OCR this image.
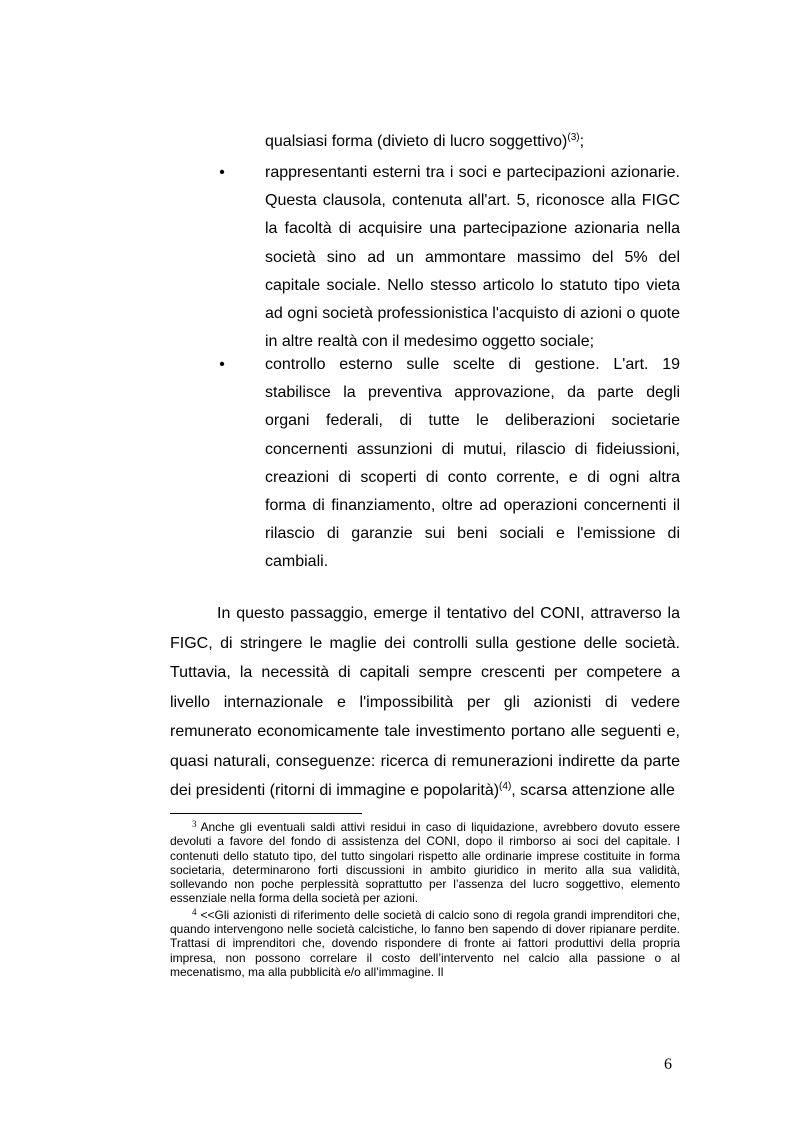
qualsiasi forma (divieto di lucro soggettivo)$^{(3)}$;
•	rappresentanti esterni tra i soci e partecipazioni azionarie. Questa clausola, contenuta all'art. 5, riconosce alla FIGC la facoltà di acquisire una partecipazione azionaria nella società sino ad un ammontare massimo del 5% del capitale sociale. Nello stesso articolo lo statuto tipo vieta ad ogni società professionistica l'acquisto di azioni o quote in altre realtà con il medesimo oggetto sociale;
•	controllo esterno sulle scelte di gestione. L'art. 19 stabilisce la preventiva approvazione, da parte degli organi federali, di tutte le deliberazioni societarie concernenti assunzioni di mutui, rilascio di fideiussioni, creazioni di scoperti di conto corrente, e di ogni altra forma di finanziamento, oltre ad operazioni concernenti il rilascio di garanzie sui beni sociali e l'emissione di cambiali.

In questo passaggio, emerge il tentativo del CONI, attraverso la FIGC, di stringere le maglie dei controlli sulla gestione delle società. Tuttavia, la necessità di capitali sempre crescenti per competere a livello internazionale e l'impossibilità per gli azionisti di vedere remunerato economicamente tale investimento portano alle seguenti e, quasi naturali, conseguenze: ricerca di remunerazioni indirette da parte dei presidenti (ritorni di immagine e popolarità)$^{(4)}$, scarsa attenzione alle

$^3$ Anche gli eventuali saldi attivi residui in caso di liquidazione, avrebbero dovuto essere devoluti a favore del fondo di assistenza del CONI, dopo il rimborso ai soci del capitale. I contenuti dello statuto tipo, del tutto singolari rispetto alle ordinarie imprese costituite in forma societaria, determinarono forti discussioni in ambito giuridico in merito alla sua validità, sollevando non poche perplessità soprattutto per l’assenza del lucro soggettivo, elemento essenziale nella forma della società per azioni.

$^4$ <<Gli azionisti di riferimento delle società di calcio sono di regola grandi imprenditori che, quando intervengono nelle società calcistiche, lo fanno ben sapendo di dover ripianare perdite. Trattasi di imprenditori che, dovendo rispondere di fronte ai fattori produttivi della propria impresa, non possono correlare il costo dell’intervento nel calcio alla passione o al mecenatismo, ma alla pubblicità e/o all’immagine. Il

6
